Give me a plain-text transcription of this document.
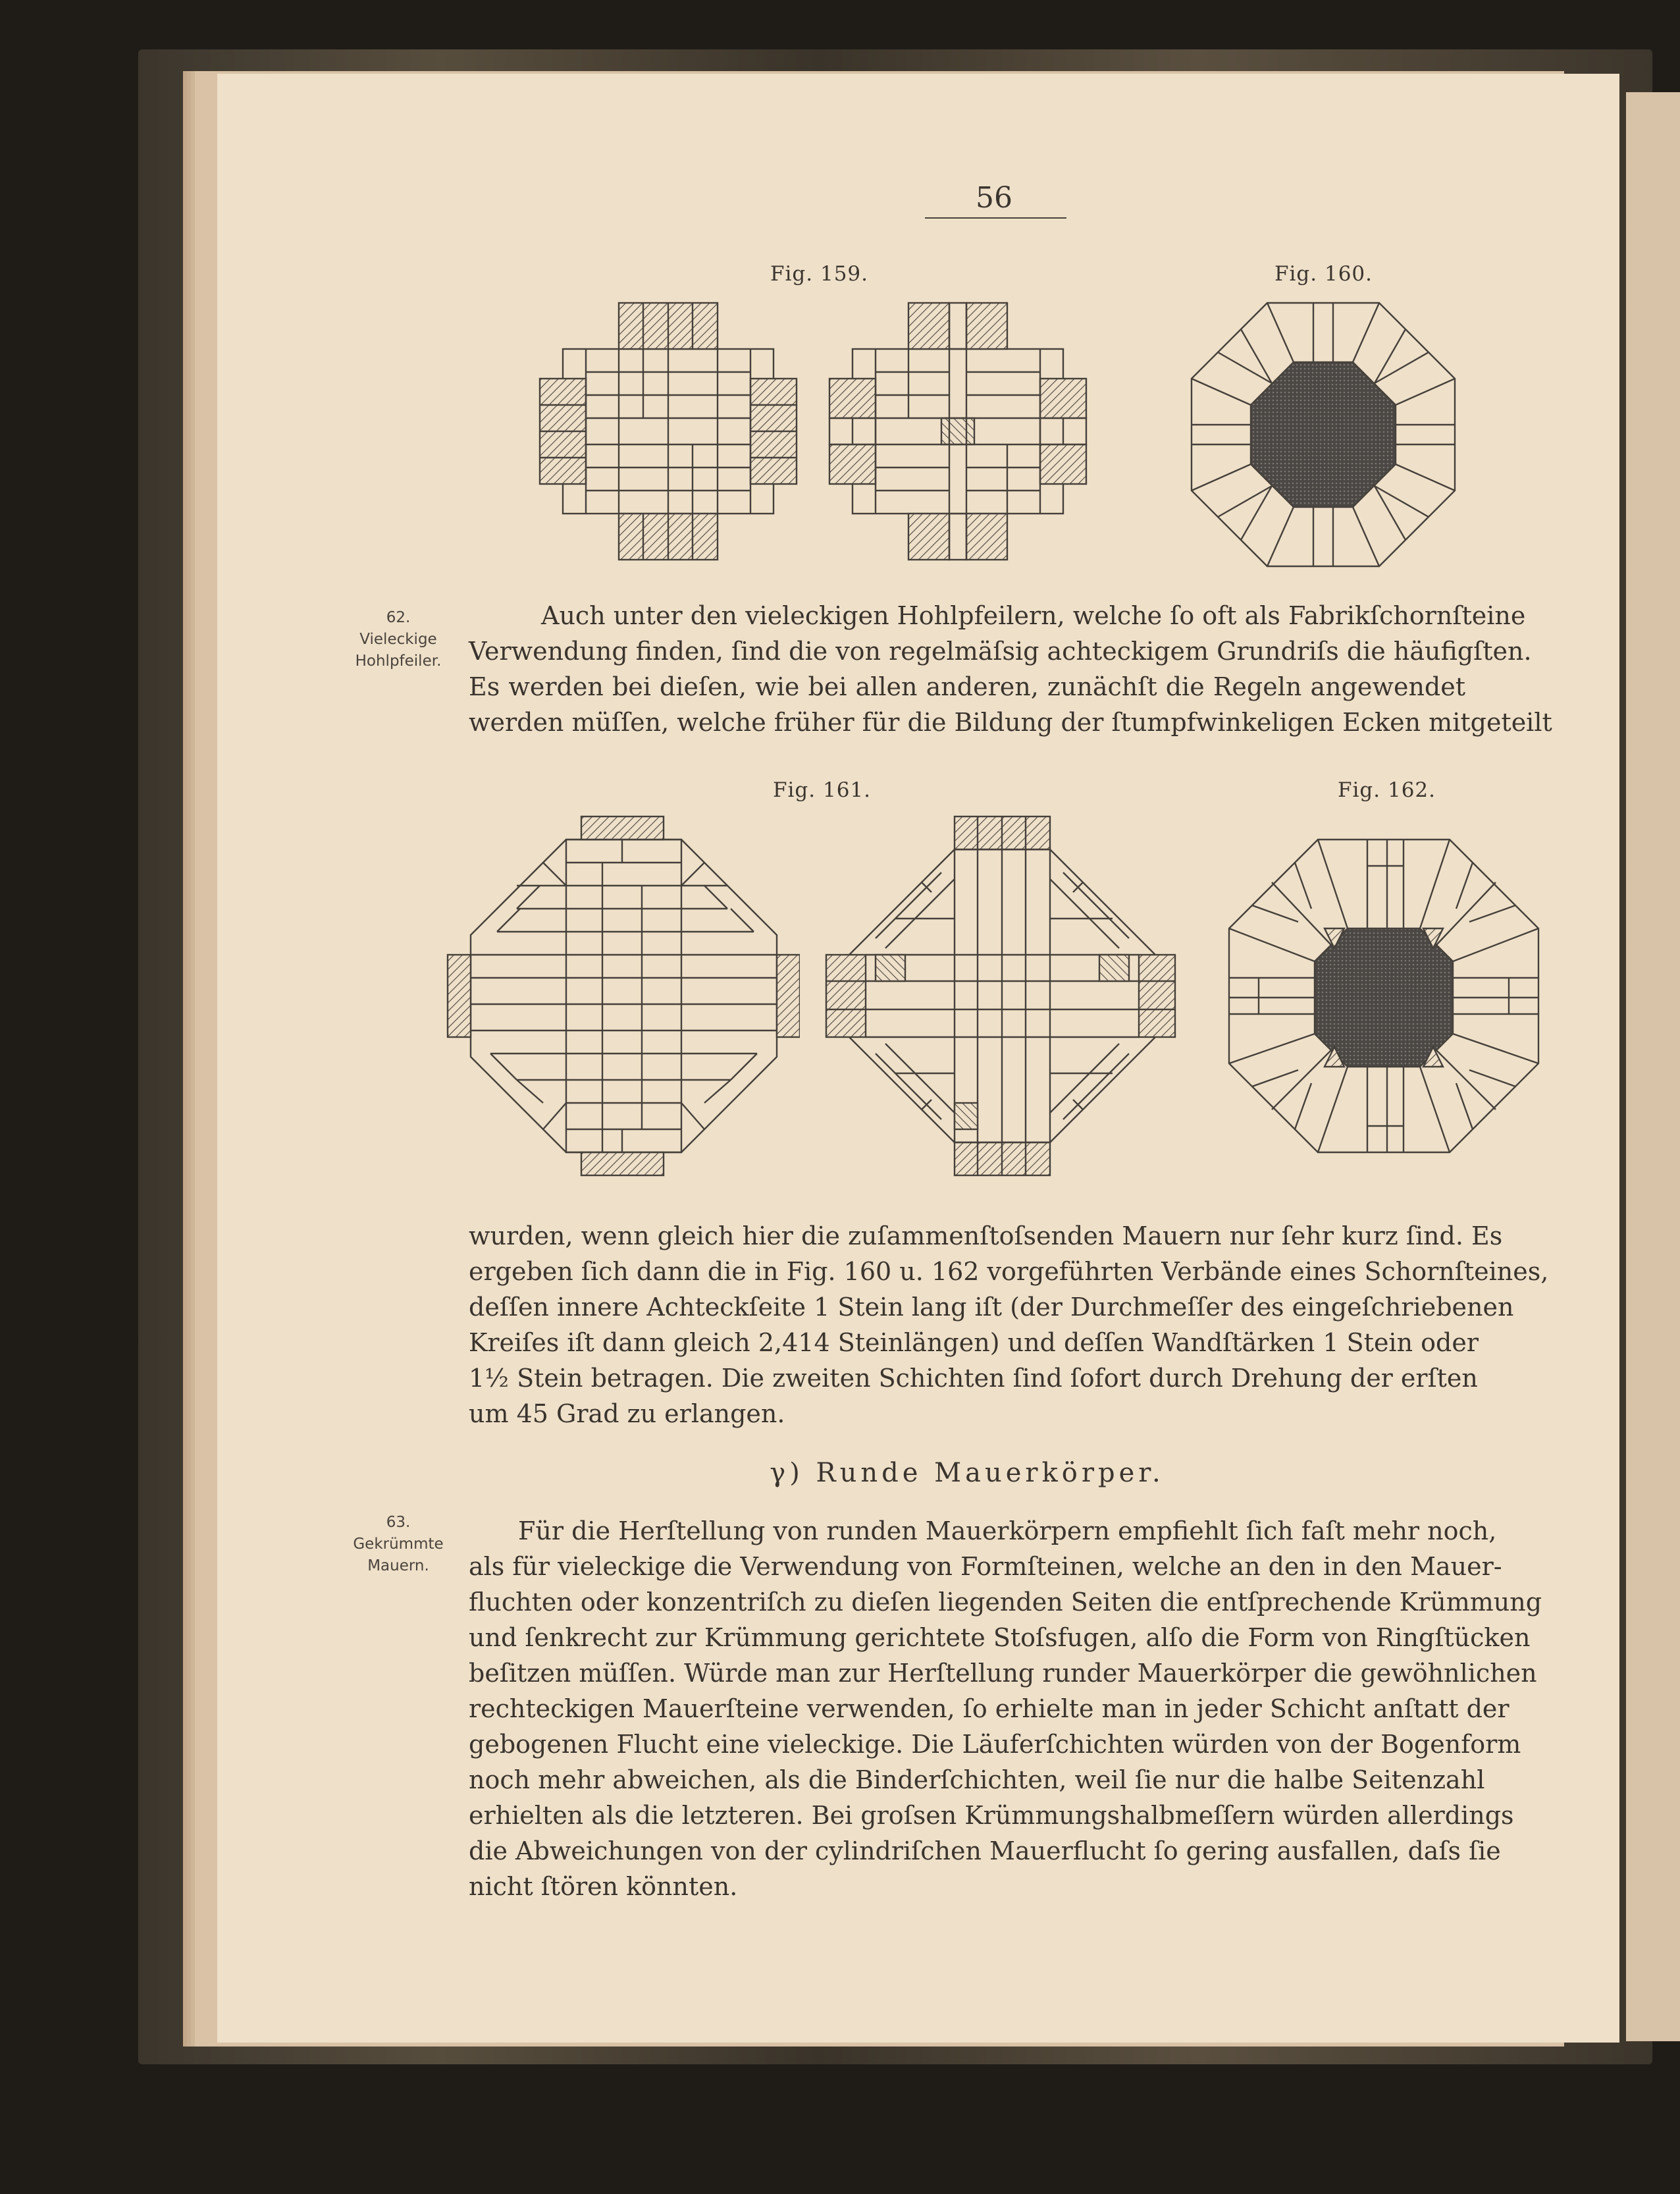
56
Fig. 159.	Fig. 160.
Fig. 161.	Fig. 162.
62.
Vieleckige
Hohlpfeiler.
63.
Gekrümmte
Mauern.
Auch unter den vieleckigen Hohlpfeilern, welche ſo oft als Fabrikſchornſteine
Verwendung finden, ſind die von regelmäſsig achteckigem Grundriſs die häufigſten.
Es werden bei dieſen, wie bei allen anderen, zunächſt die Regeln angewendet
werden müſſen, welche früher für die Bildung der ſtumpfwinkeligen Ecken mitgeteilt
wurden, wenn gleich hier die zuſammenſtoſsenden Mauern nur ſehr kurz ſind. Es
ergeben ſich dann die in Fig. 160 u. 162 vorgeführten Verbände eines Schornſteines,
deſſen innere Achteckſeite 1 Stein lang iſt (der Durchmeſſer des eingeſchriebenen
Kreiſes iſt dann gleich 2,414 Steinlängen) und deſſen Wandſtärken 1 Stein oder
1½ Stein betragen. Die zweiten Schichten ſind ſofort durch Drehung der erſten
um 45 Grad zu erlangen.
γ) Runde Mauerkörper.
Für die Herſtellung von runden Mauerkörpern empfiehlt ſich faſt mehr noch,
als für vieleckige die Verwendung von Formſteinen, welche an den in den Mauer-
fluchten oder konzentriſch zu dieſen liegenden Seiten die entſprechende Krümmung
und ſenkrecht zur Krümmung gerichtete Stoſsfugen, alſo die Form von Ringſtücken
beſitzen müſſen. Würde man zur Herſtellung runder Mauerkörper die gewöhnlichen
rechteckigen Mauerſteine verwenden, ſo erhielte man in jeder Schicht anſtatt der
gebogenen Flucht eine vieleckige. Die Läuferſchichten würden von der Bogenform
noch mehr abweichen, als die Binderſchichten, weil ſie nur die halbe Seitenzahl
erhielten als die letzteren. Bei groſsen Krümmungshalbmeſſern würden allerdings
die Abweichungen von der cylindriſchen Mauerflucht ſo gering ausfallen, daſs ſie
nicht ſtören könnten.
